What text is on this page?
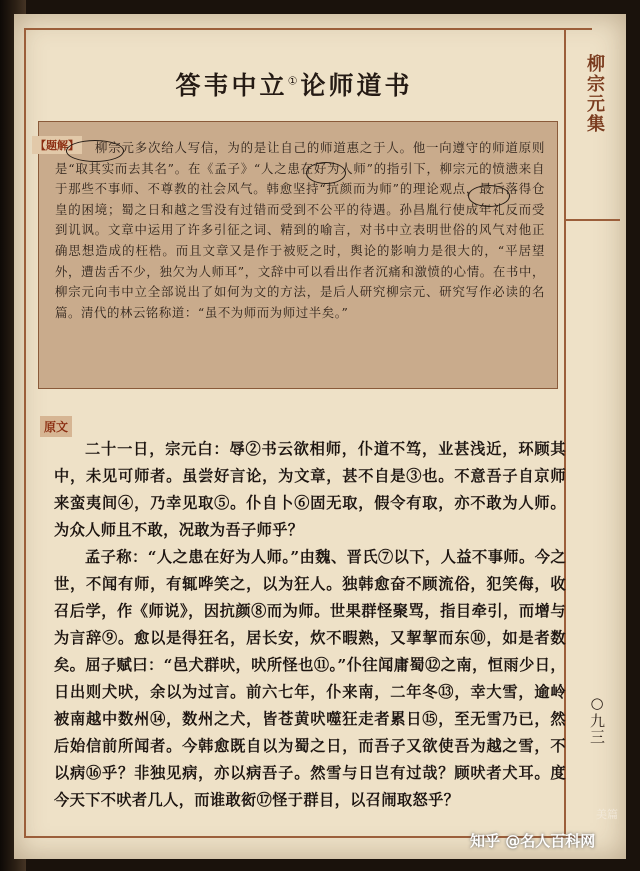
柳宗元集
○九三
答韦中立①论师道书
柳宗元多次给人写信，为的是让自己的师道惠之于人。他一向遵守的师道原则是“取其实而去其名”。在《孟子》“人之患在好为人师”的指引下，柳宗元的愤懑来自于那些不事师、不尊教的社会风气。韩愈坚持“抗颜而为师”的理论观点，最后落得仓皇的困境；蜀之日和越之雪没有过错而受到不公平的待遇。孙昌胤行使成年礼反而受到讥讽。文章中运用了许多引征之词、精到的喻言，对书中立表明世俗的风气对他正确思想造成的枉梏。而且文章又是作于被贬之时，舆论的影响力是很大的，“平居望外，遭齿舌不少，独欠为人师耳”，文辞中可以看出作者沉痛和激愤的心情。在书中，柳宗元向韦中立全部说出了如何为文的方法，是后人研究柳宗元、研究写作必读的名篇。清代的林云铭称道：“虽不为师而为师过半矣。”
【题解】
原文

二十一日，宗元白：辱②书云欲相师，仆道不笃，业甚浅近，环顾其中，未见可师者。虽尝好言论，为文章，甚不自是③也。不意吾子自京师来蛮夷间④，乃幸见取⑤。仆自卜⑥固无取，假令有取，亦不敢为人师。为众人师且不敢，况敢为吾子师乎？

孟子称：“人之患在好为人师。”由魏、晋氏⑦以下，人益不事师。今之世，不闻有师，有辄哗笑之，以为狂人。独韩愈奋不顾流俗，犯笑侮，收召后学，作《师说》，因抗颜⑧而为师。世果群怪聚骂，指目牵引，而增与为言辞⑨。愈以是得狂名，居长安，炊不暇熟，又挈挈而东⑩，如是者数矣。屈子赋曰：“邑犬群吠，吠所怪也⑪。”仆往闻庸蜀⑫之南，恒雨少日，日出则犬吠，余以为过言。前六七年，仆来南，二年冬⑬，幸大雪，逾岭被南越中数州⑭，数州之犬，皆苍黄吠噬狂走者累日⑮，至无雪乃已，然后始信前所闻者。今韩愈既自以为蜀之日，而吾子又欲使吾为越之雪，不以病⑯乎？非独见病，亦以病吾子。然雪与日岂有过哉？顾吠者犬耳。度今天下不吠者几人，而谁敢衒⑰怪于群目，以召闹取怒乎？

美篇
知乎 @名人百科网
